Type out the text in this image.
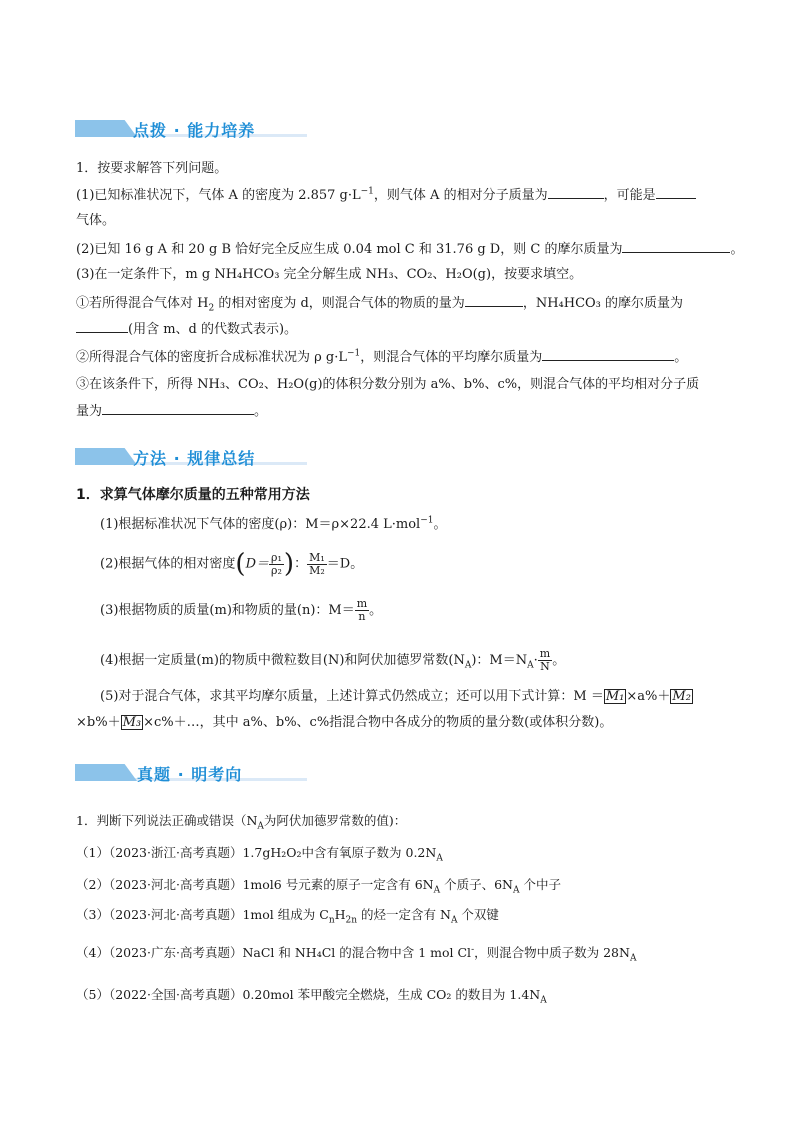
点拨 · 能力培养
1．按要求解答下列问题。
(1)已知标准状况下，气体 A 的密度为 2.857 $g\cdot L^{-1}$，则气体 A 的相对分子质量为	，可能是
气体。
(2)已知 16 g A 和 20 g B 恰好完全反应生成 0.04 mol C 和 31.76 g D，则 C 的摩尔质量为	。
(3)在一定条件下，m g NH₄HCO₃ 完全分解生成 NH₃、CO₂、H₂O(g)，按要求填空。
①若所得混合气体对 $H_2$ 的相对密度为 d，则混合气体的物质的量为	，NH₄HCO₃ 的摩尔质量为
(用含 m、d 的代数式表示)。
②所得混合气体的密度折合成标准状况为 ρ $g\cdot L^{-1}$，则混合气体的平均摩尔质量为	。
③在该条件下，所得 NH₃、CO₂、H₂O(g)的体积分数分别为 a%、b%、c%，则混合气体的平均相对分子质
量为	。
方法 · 规律总结
1．求算气体摩尔质量的五种常用方法
(1)根据标准状况下气体的密度(ρ)：M＝ρ×22.4 L·mol$^{-1}$。
(2)根据气体的相对密度($D= \frac{\text{ρ₁}}{\text{ρ₂}}$ )： $\frac{\text{M₁}}{\text{M₂}} =D$。
(3)根据物质的质量(m)和物质的量(n)：$M= \frac{m}{n}$ 。
(4)根据一定质量(m)的物质中微粒数目(N)和阿伏加德罗常数$(N_A)$：$M=N_A\cdot \frac{m}{N}$ 。
(5)对于混合气体，求其平均摩尔质量，上述计算式仍然成立；还可以用下式计算：M ＝ M₁ ×a%＋ M₂
×b%＋ M₃ ×c%＋…，其中 a%、b%、c%指混合物中各成分的物质的量分数(或体积分数)。
真题 · 明考向
1．判断下列说法正确或错误（$N_A$为阿伏加德罗常数的值)：
（1）（2023·浙江·高考真题）1.7gH₂O₂中含有氧原子数为 $0.2N_A$
（2）（2023·河北·高考真题）1mol6 号元素的原子一定含有 $6N_A$ 个质子、$6N_A$ 个中子
（3）（2023·河北·高考真题）1mol 组成为 $C_nH_{2n}$ 的烃一定含有 $N_A$ 个双键
（4）（2023·广东·高考真题）NaCl 和 NH₄Cl 的混合物中含 1 mol Cl-，则混合物中质子数为 $28N_A$
（5）（2022·全国·高考真题）0.20mol 苯甲酸完全燃烧，生成 CO₂ 的数目为 $1.4N_A$
